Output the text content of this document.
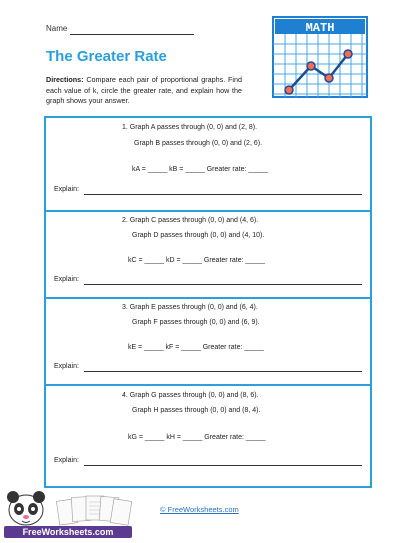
Name
The Greater Rate
Directions: Compare each pair of proportional graphs. Find each value of k, circle the greater rate, and explain how the graph shows your answer.
MATH
1. Graph A passes through (0, 0) and (2, 8).
Graph B passes through (0, 0) and (2, 6).
kA = _____ kB = _____ Greater rate: _____
Explain:
2. Graph C passes through (0, 0) and (4, 6).
Graph D passes through (0, 0) and (4, 10).
kC = _____ kD = _____ Greater rate: _____
Explain:
3. Graph E passes through (0, 0) and (6, 4).
Graph F passes through (0, 0) and (6, 9).
kE = _____ kF = _____ Greater rate: _____
Explain:
4. Graph G passes through (0, 0) and (8, 6).
Graph H passes through (0, 0) and (8, 4).
kG = _____ kH = _____ Greater rate: _____
Explain:
FreeWorksheets.com
© FreeWorksheets.com
